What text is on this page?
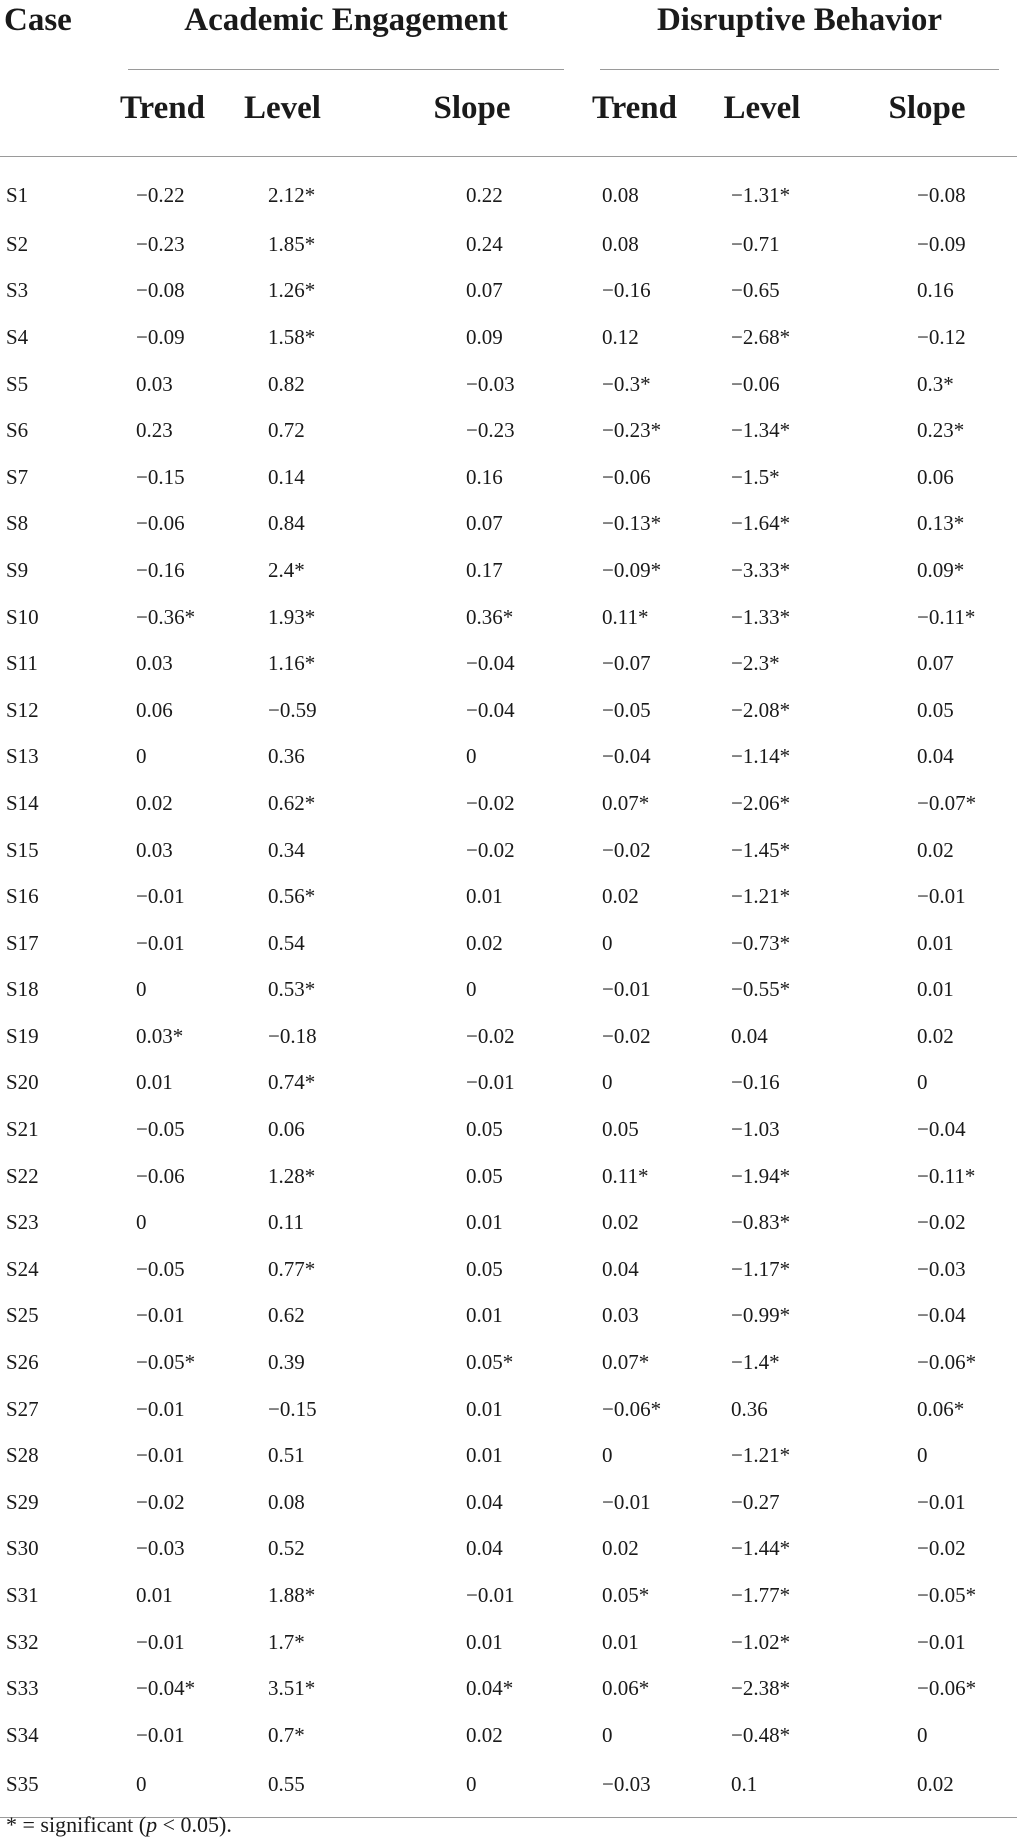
Case	Academic Engagement			Disruptive Behavior		

	Trend	Level	Slope	Trend	Level	Slope
S1	−0.22	2.12*	0.22	0.08	−1.31*	−0.08
S2	−0.23	1.85*	0.24	0.08	−0.71	−0.09
S3	−0.08	1.26*	0.07	−0.16	−0.65	0.16
S4	−0.09	1.58*	0.09	0.12	−2.68*	−0.12
S5	0.03	0.82	−0.03	−0.3*	−0.06	0.3*
S6	0.23	0.72	−0.23	−0.23*	−1.34*	0.23*
S7	−0.15	0.14	0.16	−0.06	−1.5*	0.06
S8	−0.06	0.84	0.07	−0.13*	−1.64*	0.13*
S9	−0.16	2.4*	0.17	−0.09*	−3.33*	0.09*
S10	−0.36*	1.93*	0.36*	0.11*	−1.33*	−0.11*
S11	0.03	1.16*	−0.04	−0.07	−2.3*	0.07
S12	0.06	−0.59	−0.04	−0.05	−2.08*	0.05
S13	0	0.36	0	−0.04	−1.14*	0.04
S14	0.02	0.62*	−0.02	0.07*	−2.06*	−0.07*
S15	0.03	0.34	−0.02	−0.02	−1.45*	0.02
S16	−0.01	0.56*	0.01	0.02	−1.21*	−0.01
S17	−0.01	0.54	0.02	0	−0.73*	0.01
S18	0	0.53*	0	−0.01	−0.55*	0.01
S19	0.03*	−0.18	−0.02	−0.02	0.04	0.02
S20	0.01	0.74*	−0.01	0	−0.16	0
S21	−0.05	0.06	0.05	0.05	−1.03	−0.04
S22	−0.06	1.28*	0.05	0.11*	−1.94*	−0.11*
S23	0	0.11	0.01	0.02	−0.83*	−0.02
S24	−0.05	0.77*	0.05	0.04	−1.17*	−0.03
S25	−0.01	0.62	0.01	0.03	−0.99*	−0.04
S26	−0.05*	0.39	0.05*	0.07*	−1.4*	−0.06*
S27	−0.01	−0.15	0.01	−0.06*	0.36	0.06*
S28	−0.01	0.51	0.01	0	−1.21*	0
S29	−0.02	0.08	0.04	−0.01	−0.27	−0.01
S30	−0.03	0.52	0.04	0.02	−1.44*	−0.02
S31	0.01	1.88*	−0.01	0.05*	−1.77*	−0.05*
S32	−0.01	1.7*	0.01	0.01	−1.02*	−0.01
S33	−0.04*	3.51*	0.04*	0.06*	−2.38*	−0.06*
S34	−0.01	0.7*	0.02	0	−0.48*	0
S35	0	0.55	0	−0.03	0.1	0.02
* = significant (p < 0.05).
